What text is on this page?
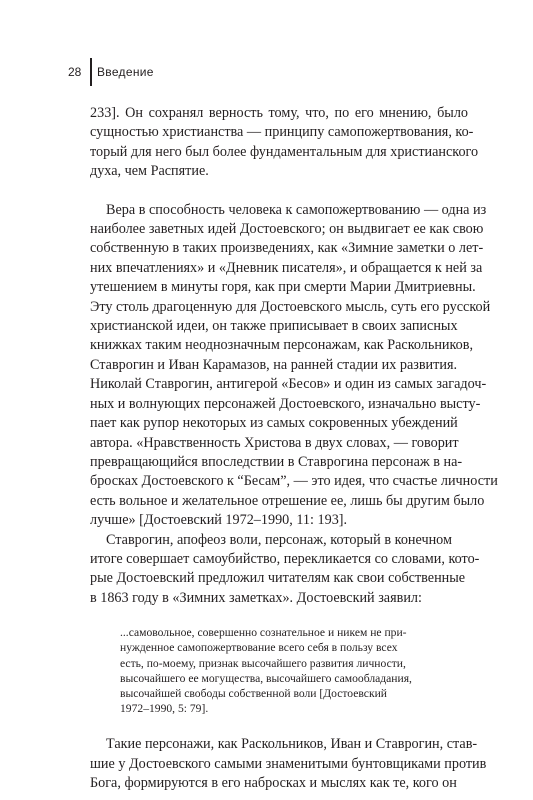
28 Введение

233]. Он сохранял верность тому, что, по его мнению, было
сущностью христианства — принципу самопожертвования, ко-
торый для него был более фундаментальным для христианского
духа, чем Распятие.

Вера в способность человека к самопожертвованию — одна из
наиболее заветных идей Достоевского; он выдвигает ее как свою
собственную в таких произведениях, как «Зимние заметки о лет-
них впечатлениях» и «Дневник писателя», и обращается к ней за
утешением в минуты горя, как при смерти Марии Дмитриевны.
Эту столь драгоценную для Достоевского мысль, суть его русской
христианской идеи, он также приписывает в своих записных
книжках таким неоднозначным персонажам, как Раскольников,
Ставрогин и Иван Карамазов, на ранней стадии их развития.
Николай Ставрогин, антигерой «Бесов» и один из самых загадоч-
ных и волнующих персонажей Достоевского, изначально высту-
пает как рупор некоторых из самых сокровенных убеждений
автора. «Нравственность Христова в двух словах, — говорит
превращающийся впоследствии в Ставрогина персонаж в на-
бросках Достоевского к “Бесам”, — это идея, что счастье личности
есть вольное и желательное отрешение ее, лишь бы другим было
лучше» [Достоевский 1972–1990, 11: 193].

Ставрогин, апофеоз воли, персонаж, который в конечном
итоге совершает самоубийство, перекликается со словами, кото-
рые Достоевский предложил читателям как свои собственные
в 1863 году в «Зимних заметках». Достоевский заявил:

...самовольное, совершенно сознательное и никем не при-
нужденное самопожертвование всего себя в пользу всех
есть, по-моему, признак высочайшего развития личности,
высочайшего ее могущества, высочайшего самообладания,
высочайшей свободы собственной воли [Достоевский
1972–1990, 5: 79].

Такие персонажи, как Раскольников, Иван и Ставрогин, став-
шие у Достоевского самыми знаменитыми бунтовщиками против
Бога, формируются в его набросках и мыслях как те, кого он
